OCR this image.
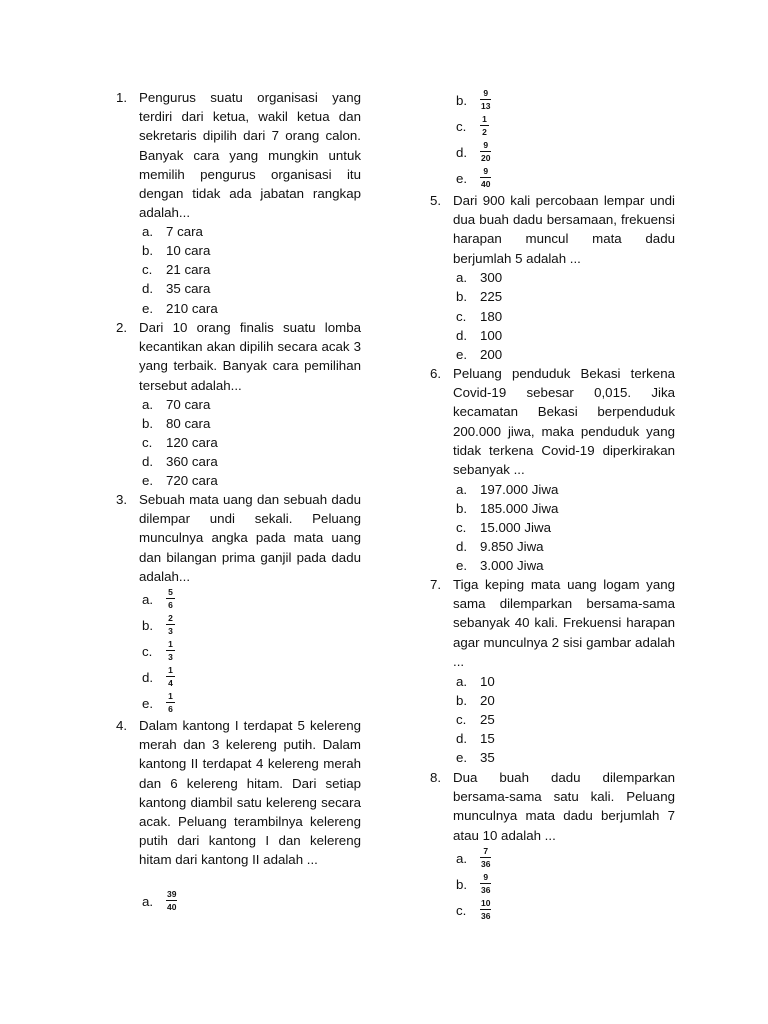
1. Pengurus suatu organisasi yang terdiri dari ketua, wakil ketua dan sekretaris dipilih dari 7 orang calon. Banyak cara yang mungkin untuk memilih pengurus organisasi itu dengan tidak ada jabatan rangkap adalah...
a. 7 cara
b. 10 cara
c. 21 cara
d. 35 cara
e. 210 cara
2. Dari 10 orang finalis suatu lomba kecantikan akan dipilih secara acak 3 yang terbaik. Banyak cara pemilihan tersebut adalah...
a. 70 cara
b. 80 cara
c. 120 cara
d. 360 cara
e. 720 cara
3. Sebuah mata uang dan sebuah dadu dilempar undi sekali. Peluang munculnya angka pada mata uang dan bilangan prima ganjil pada dadu adalah...
a. 5
6
b. 2
3
c. 1
3
d. 1
4
e. 1
6
4. Dalam kantong I terdapat 5 kelereng merah dan 3 kelereng putih. Dalam kantong II terdapat 4 kelereng merah dan 6 kelereng hitam. Dari setiap kantong diambil satu kelereng secara acak. Peluang terambilnya kelereng putih dari kantong I dan kelereng hitam dari kantong II adalah ...
a. 39
40
b. 9
13
c. 1
2
d. 9
20
e. 9
40
5. Dari 900 kali percobaan lempar undi dua buah dadu bersamaan, frekuensi harapan muncul mata dadu berjumlah 5 adalah ...
a. 300
b. 225
c. 180
d. 100
e. 200
6. Peluang penduduk Bekasi terkena Covid-19 sebesar 0,015. Jika kecamatan Bekasi berpenduduk 200.000 jiwa, maka penduduk yang tidak terkena Covid-19 diperkirakan sebanyak ...
a. 197.000 Jiwa
b. 185.000 Jiwa
c. 15.000 Jiwa
d. 9.850 Jiwa
e. 3.000 Jiwa
7. Tiga keping mata uang logam yang sama dilemparkan bersama-sama sebanyak 40 kali. Frekuensi harapan agar munculnya 2 sisi gambar adalah ...
a. 10
b. 20
c. 25
d. 15
e. 35
8. Dua buah dadu dilemparkan bersama-sama satu kali. Peluang munculnya mata dadu berjumlah 7 atau 10 adalah ...
a. 7
36
b. 9
36
c. 10
36
